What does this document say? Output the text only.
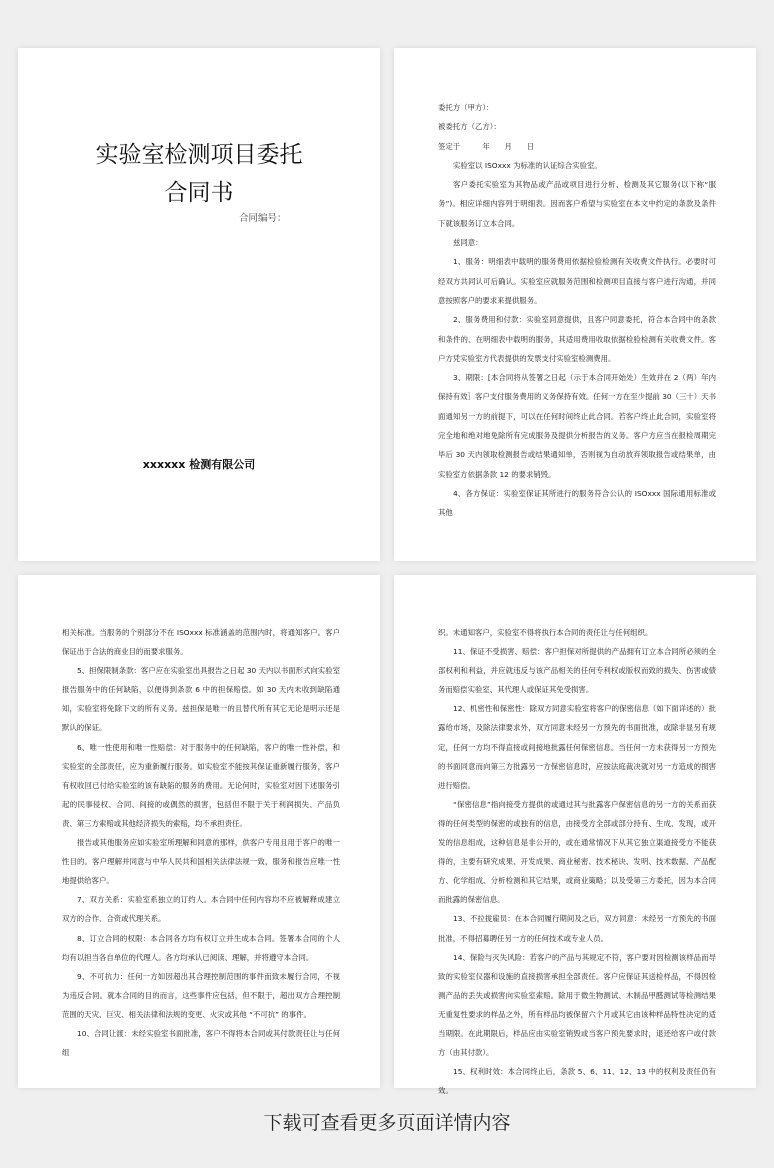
实验室检测项目委托
合同书
合同编号：
xxxxxx 检测有限公司

委托方（甲方）：

被委托方（乙方）：

签定于　　　年　　月　　日

实验室以 ISOxxx 为标准的认证综合实验室。

客户委托实验室为其物品或产品或项目进行分析、检测及其它服务(以下称“服务”)。相应详细内容列于明细表。因而客户希望与实验室在本文中约定的条款及条件下就该服务订立本合同。

兹同意：

1、服务：明细表中载明的服务费用依据检验检测有关收费文件执行。必要时可经双方共同认可后确认。实验室应就服务范围和检测项目直接与客户进行沟通，并同意按照客户的要求来提供服务。

2、服务费用和付款：实验室同意提供，且客户同意委托，符合本合同中的条款和条件的、在明细表中载明的服务，其适用费用收取依据检验检测有关收费文件。客户方凭实验室方代表提供的发票支付实验室检测费用。

3、期限：[本合同将从签署之日起（示于本合同开始处）生效并在 2（两）年内保持有效］客户支付服务费用的义务保持有效。任何一方在至少提前 30（三十）天书面通知另一方的前提下，可以在任何时间终止此合同。若客户终止此合同，实验室将完全地和绝对地免除所有完成服务及提供分析报告的义务。客户方应当在报检周期完毕后 30 天内领取检测报告或结果通知单，否则视为自动放弃领取报告或结果单，由实验室方依据条款 12 的要求销毁。

4、各方保证：实验室保证其所进行的服务符合公认的 ISOxxx 国际通用标准或其他

相关标准。当服务的个别部分不在 ISOxxx 标准涵盖的范围内时，将通知客户。客户保证出于合法的商业目的而要求服务。

5、担保限制条款：客户应在实验室出具报告之日起 30 天内以书面形式向实验室报告服务中的任何缺陷，以便得到条款 6 中的担保赔偿。如 30 天内未收到缺陷通知，实验室将免除下文的所有义务。兹担保是唯一的且替代所有其它无论是明示还是默认的保证。

6、唯一性使用和唯一性赔偿：对于服务中的任何缺陷，客户的唯一性补偿，和实验室的全部责任，应为重新履行服务。如实验室不能按其保证重新履行服务，客户有权收回已付给实验室的该有缺陷的服务的费用。无论何时，实验室对因下述服务引起的民事侵权、合同、间接的或偶然的损害，包括但不限于关于利润损失、产品负责、第三方索赔或其他经济损失的索赔，均不承担责任。

报告或其他服务应如实验室所理解和同意的那样，供客户专用且用于客户的唯一性目的。客户理解并同意与中华人民共和国相关法律法规一致，服务和报告应唯一性地提供给客户。

7、双方关系：实验室系独立的订约人。本合同中任何内容均不应被解释成建立双方的合作、合资或代理关系。

8、订立合同的权限：本合同各方均有权订立并生成本合同。签署本合同的个人均有以担当各自单位的代理人。各方均承认已阅读、理解，并将遵守本合同。

9、不可抗力：任何一方如因超出其合理控制范围的事件而致未履行合同，不视为违反合同。就本合同的目的而言，这些事件应包括，但不限于，超出双方合理控制范围的天灾、巨灾、相关法律和法规的变更、火灾或其他 “不可抗” 的事件。

10、合同让渡：未经实验室书面批准，客户不得将本合同或其付款责任让与任何组

织。未通知客户，实验室不得将执行本合同的责任让与任何组织。

11、保证不受损害、赔偿：客户担保对所提供的产品拥有订立本合同所必须的全部权利和利益，并应就违反与该产品相关的任何专利权或版权而致的损失、伤害或债务而赔偿实验室、其代理人或保证其免受损害。

12、机密性和保密性：除双方同意实验室将客户的保密信息（如下面详述的）批露给市场，及除法律要求外，双方同意未经另一方预先的书面批准，或除非显另有规定，任何一方均不得直接或间接地批露任何保密信息。当任何一方未获得另一方预先的书面同意而向第三方批露另一方保密信息时，应按法庭裁决就对另一方造成的损害进行赔偿。

“保密信息”指向接受方提供的或通过其与批露客户保密信息的另一方的关系而获得的任何类型的保密的或独有的信息，由接受方全部或部分持有、生成、发现，或开发的信息组成，这种信息是非公开的，或在通常情况下从其它独立渠道接受方不能获得的，主要有研究成果、开发成果、商业秘密、技术秘诀、发明、技术数据、产品配方、化学组成、分析检测和其它结果，或商业策略；以及受第三方委托，因为本合同而批露的保密信息。

13、不拉拢雇员：在本合同履行期间及之后，双方同意：未经另一方预先的书面批准，不得招募聘任另一方的任何技术或专业人员。

14、保险与灭失风险：若客户的产品与其规定不符，客户要对因检测该样品而导致的实验室仪器和设施的直接损害承担全部责任。客户应保证其送检样品，不得因检测产品的丢失或损害向实验室索赔。除用于微生物测试、木制品甲醛测试等检测结果无重复性要求的样品之外，所有样品均被保留六个月或其它由该种样品特性决定的适当期限。在此期限后，样品应由实验室销毁或当客户预先要求时，退还给客户或付款方（由其付款）。

15、权利时效：本合同终止后，条款 5、6、11、12、13 中的权利及责任仍有效。

下载可查看更多页面详情内容
